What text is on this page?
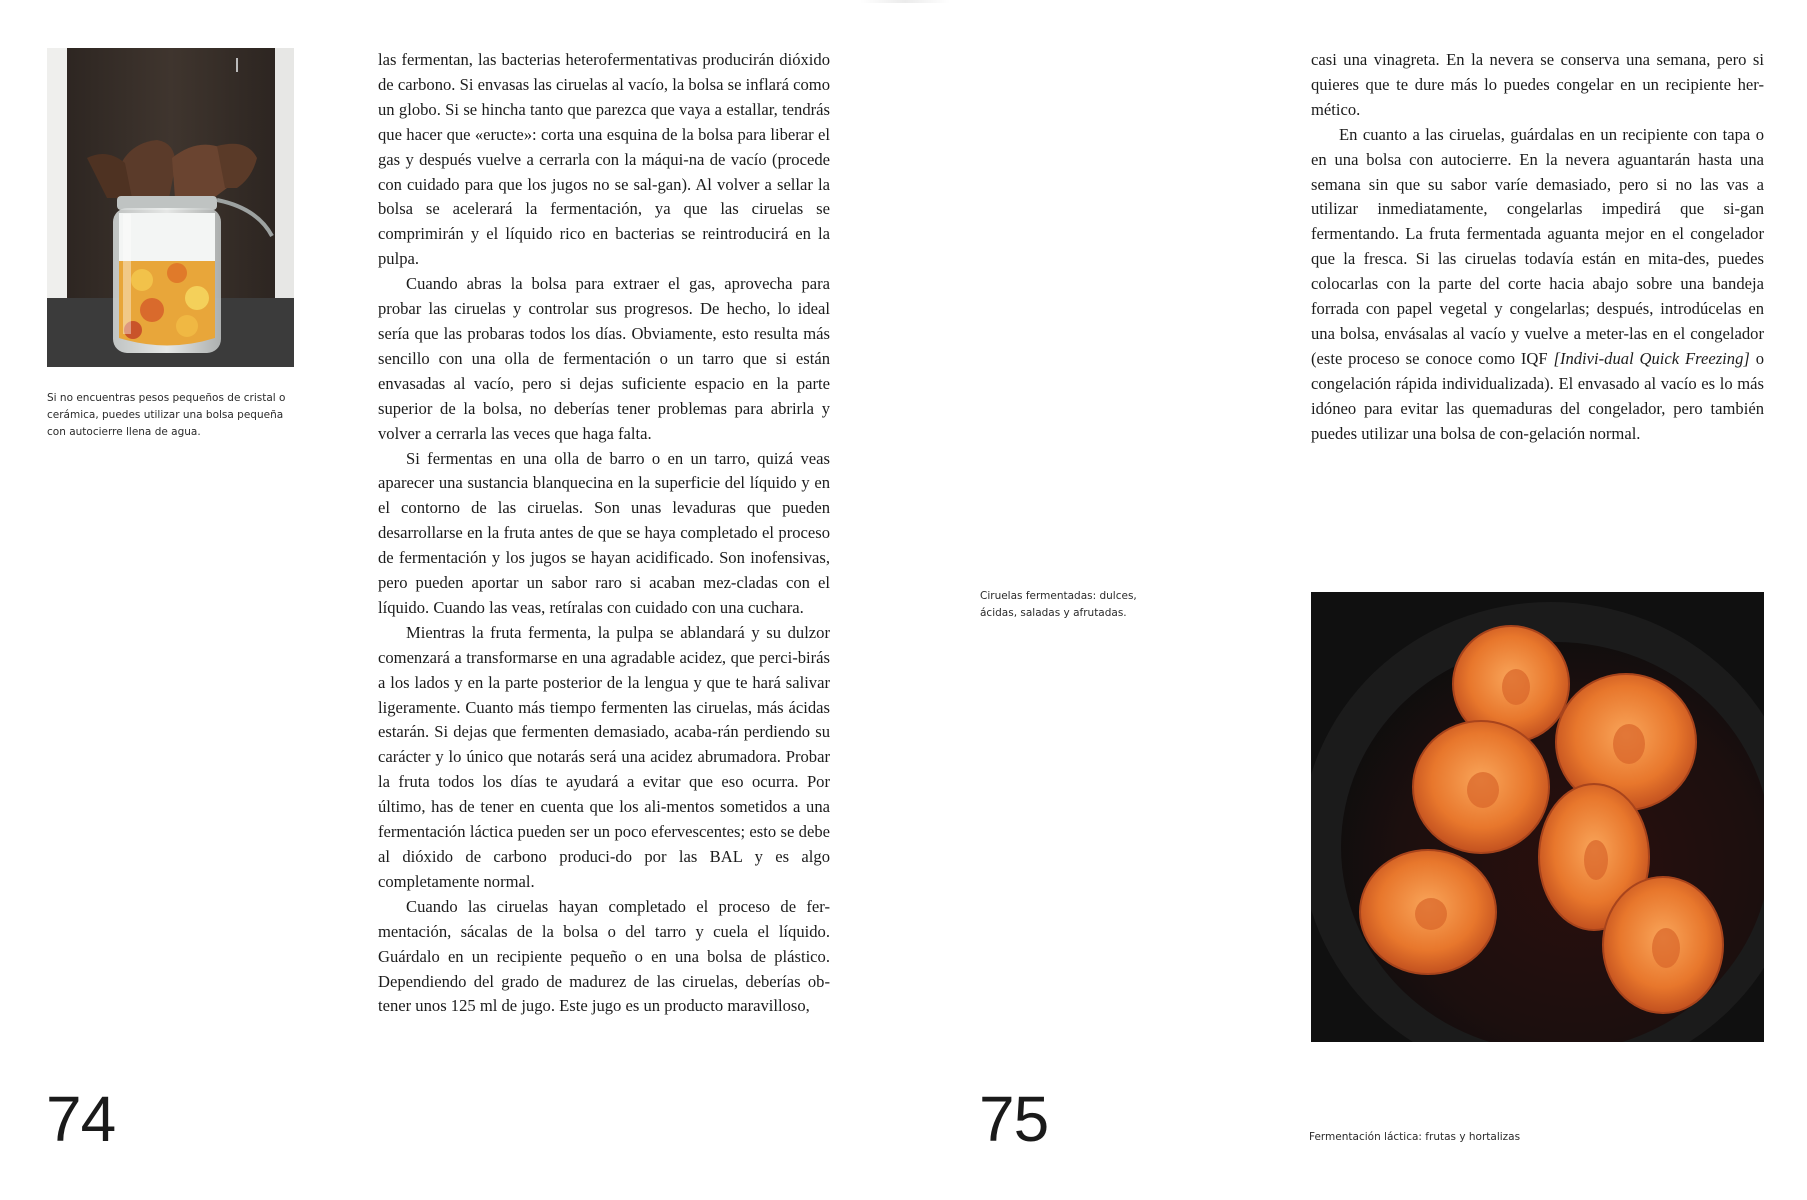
Si no encuentras pesos pequeños de cristal o cerámica, puedes utilizar una bolsa pequeña con autocierre llena de agua.

las fermentan, las bacterias heterofermentativas producirán dióxido de carbono. Si envasas las ciruelas al vacío, la bolsa se inflará como un globo. Si se hincha tanto que parezca que vaya a estallar, tendrás que hacer que «eructe»: corta una esquina de la bolsa para liberar el gas y después vuelve a cerrarla con la máqui-na de vacío (procede con cuidado para que los jugos no se sal-gan). Al volver a sellar la bolsa se acelerará la fermentación, ya que las ciruelas se comprimirán y el líquido rico en bacterias se reintroducirá en la pulpa.

Cuando abras la bolsa para extraer el gas, aprovecha para probar las ciruelas y controlar sus progresos. De hecho, lo ideal sería que las probaras todos los días. Obviamente, esto resulta más sencillo con una olla de fermentación o un tarro que si están envasadas al vacío, pero si dejas suficiente espacio en la parte superior de la bolsa, no deberías tener problemas para abrirla y volver a cerrarla las veces que haga falta.

Si fermentas en una olla de barro o en un tarro, quizá veas aparecer una sustancia blanquecina en la superficie del líquido y en el contorno de las ciruelas. Son unas levaduras que pueden desarrollarse en la fruta antes de que se haya completado el proceso de fermentación y los jugos se hayan acidificado. Son inofensivas, pero pueden aportar un sabor raro si acaban mez-cladas con el líquido. Cuando las veas, retíralas con cuidado con una cuchara.

Mientras la fruta fermenta, la pulpa se ablandará y su dulzor comenzará a transformarse en una agradable acidez, que perci-birás a los lados y en la parte posterior de la lengua y que te hará salivar ligeramente. Cuanto más tiempo fermenten las ciruelas, más ácidas estarán. Si dejas que fermenten demasiado, acaba-rán perdiendo su carácter y lo único que notarás será una acidez abrumadora. Probar la fruta todos los días te ayudará a evitar que eso ocurra. Por último, has de tener en cuenta que los ali-mentos sometidos a una fermentación láctica pueden ser un poco efervescentes; esto se debe al dióxido de carbono produci-do por las BAL y es algo completamente normal.

Cuando las ciruelas hayan completado el proceso de fer-mentación, sácalas de la bolsa o del tarro y cuela el líquido. Guárdalo en un recipiente pequeño o en una bolsa de plástico. Dependiendo del grado de madurez de las ciruelas, deberías ob-tener unos 125 ml de jugo. Este jugo es un producto maravilloso,

74

casi una vinagreta. En la nevera se conserva una semana, pero si quieres que te dure más lo puedes congelar en un recipiente her-mético.

En cuanto a las ciruelas, guárdalas en un recipiente con tapa o en una bolsa con autocierre. En la nevera aguantarán hasta una semana sin que su sabor varíe demasiado, pero si no las vas a utilizar inmediatamente, congelarlas impedirá que si-gan fermentando. La fruta fermentada aguanta mejor en el congelador que la fresca. Si las ciruelas todavía están en mita-des, puedes colocarlas con la parte del corte hacia abajo sobre una bandeja forrada con papel vegetal y congelarlas; después, introdúcelas en una bolsa, envásalas al vacío y vuelve a meter-las en el congelador (este proceso se conoce como IQF [Indivi-dual Quick Freezing] o congelación rápida individualizada). El envasado al vacío es lo más idóneo para evitar las quemaduras del congelador, pero también puedes utilizar una bolsa de con-gelación normal.

Ciruelas fermentadas: dulces, ácidas, saladas y afrutadas.
75	Fermentación láctica: frutas y hortalizas
